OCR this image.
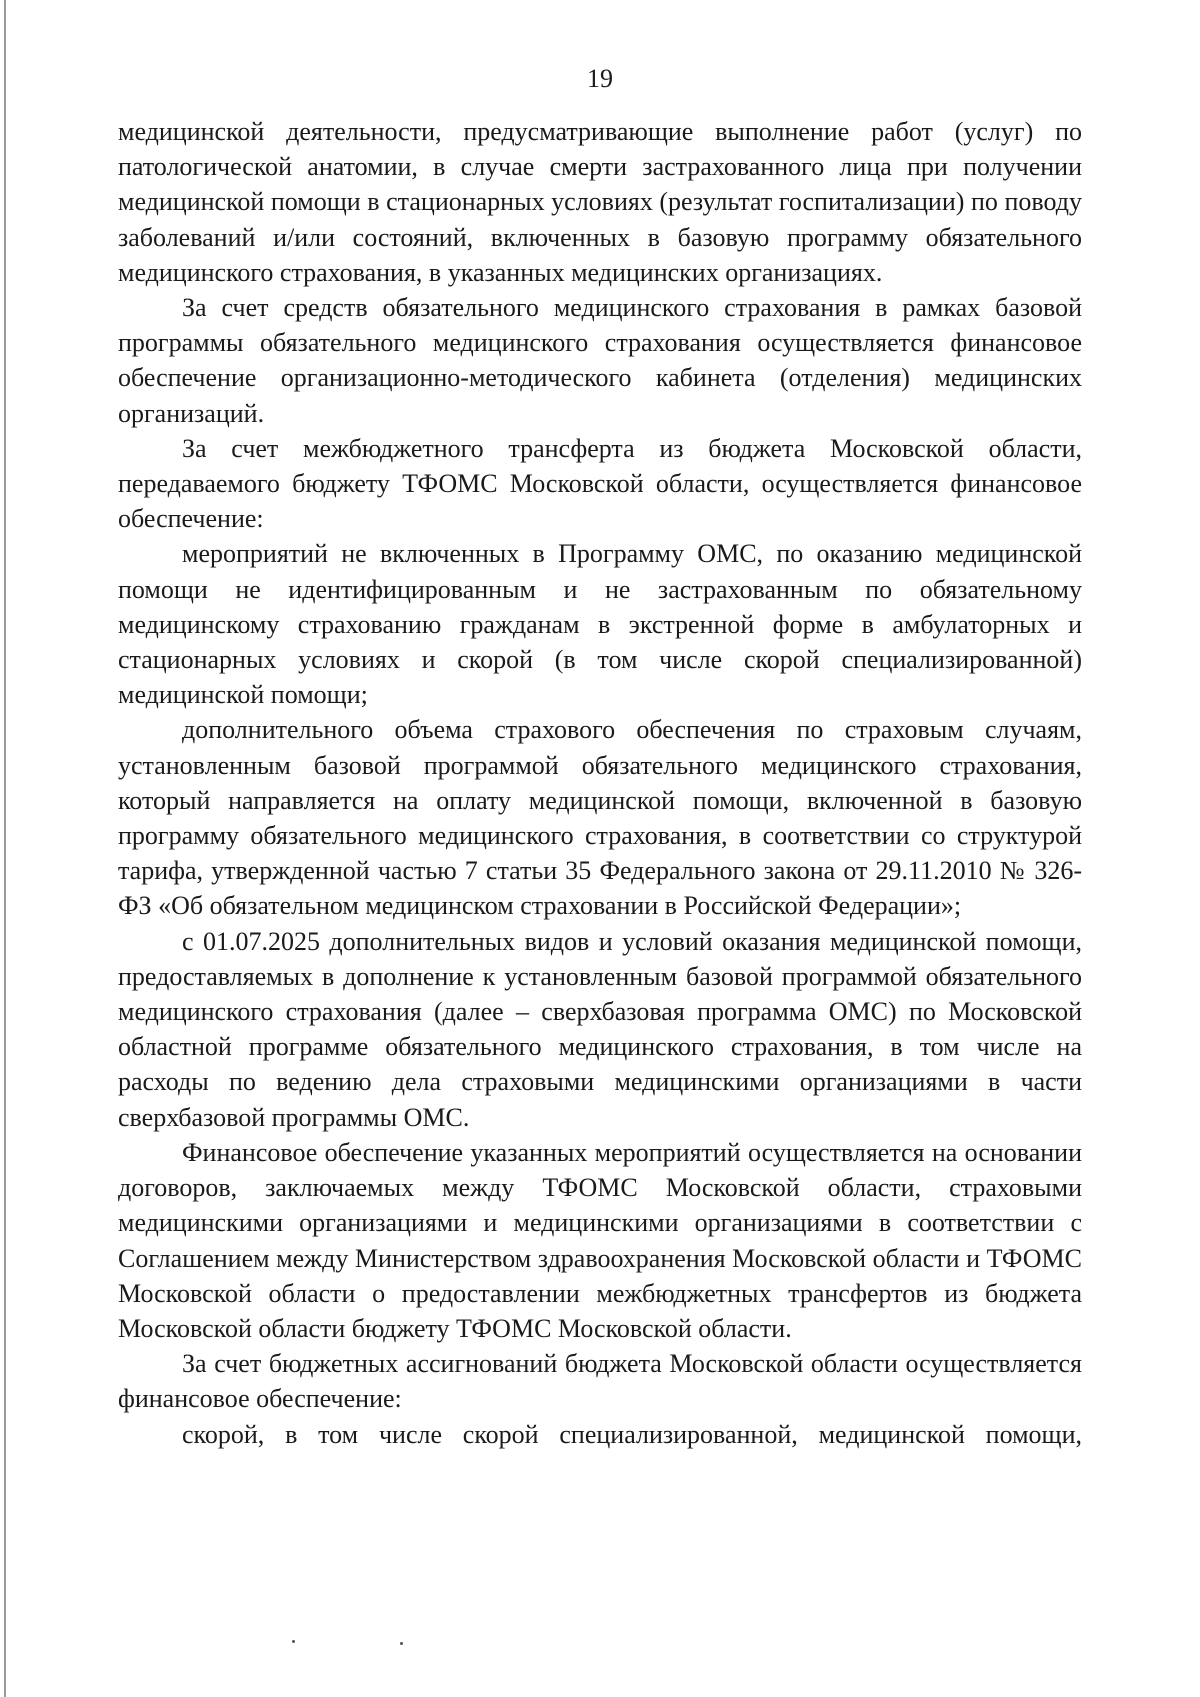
19

медицинской деятельности, предусматривающие выполнение работ (услуг) по патологической анатомии, в случае смерти застрахованного лица при получении медицинской помощи в стационарных условиях (результат госпитализации) по поводу заболеваний и/или состояний, включенных в базовую программу обязательного медицинского страхования, в указанных медицинских организациях.

За счет средств обязательного медицинского страхования в рамках базовой программы обязательного медицинского страхования осуществляется финансовое обеспечение организационно-методического кабинета (отделения) медицинских организаций.

За счет межбюджетного трансферта из бюджета Московской области, передаваемого бюджету ТФОМС Московской области, осуществляется финансовое обеспечение:

мероприятий не включенных в Программу ОМС, по оказанию медицинской помощи не идентифицированным и не застрахованным по обязательному медицинскому страхованию гражданам в экстренной форме в амбулаторных и стационарных условиях и скорой (в том числе скорой специализированной) медицинской помощи;

дополнительного объема страхового обеспечения по страховым случаям, установленным базовой программой обязательного медицинского страхования, который направляется на оплату медицинской помощи, включенной в базовую программу обязательного медицинского страхования, в соответствии со структурой тарифа, утвержденной частью 7 статьи 35 Федерального закона от 29.11.2010 № 326-ФЗ «Об обязательном медицинском страховании в Российской Федерации»;

с 01.07.2025 дополнительных видов и условий оказания медицинской помощи, предоставляемых в дополнение к установленным базовой программой обязательного медицинского страхования (далее – сверхбазовая программа ОМС) по Московской областной программе обязательного медицинского страхования, в том числе на расходы по ведению дела страховыми медицинскими организациями в части сверхбазовой программы ОМС.

Финансовое обеспечение указанных мероприятий осуществляется на основании договоров, заключаемых между ТФОМС Московской области, страховыми медицинскими организациями и медицинскими организациями в соответствии с Соглашением между Министерством здравоохранения Московской области и ТФОМС Московской области о предоставлении межбюджетных трансфертов из бюджета Московской области бюджету ТФОМС Московской области.

За счет бюджетных ассигнований бюджета Московской области осуществляется финансовое обеспечение:

скорой, в том числе скорой специализированной, медицинской помощи,
